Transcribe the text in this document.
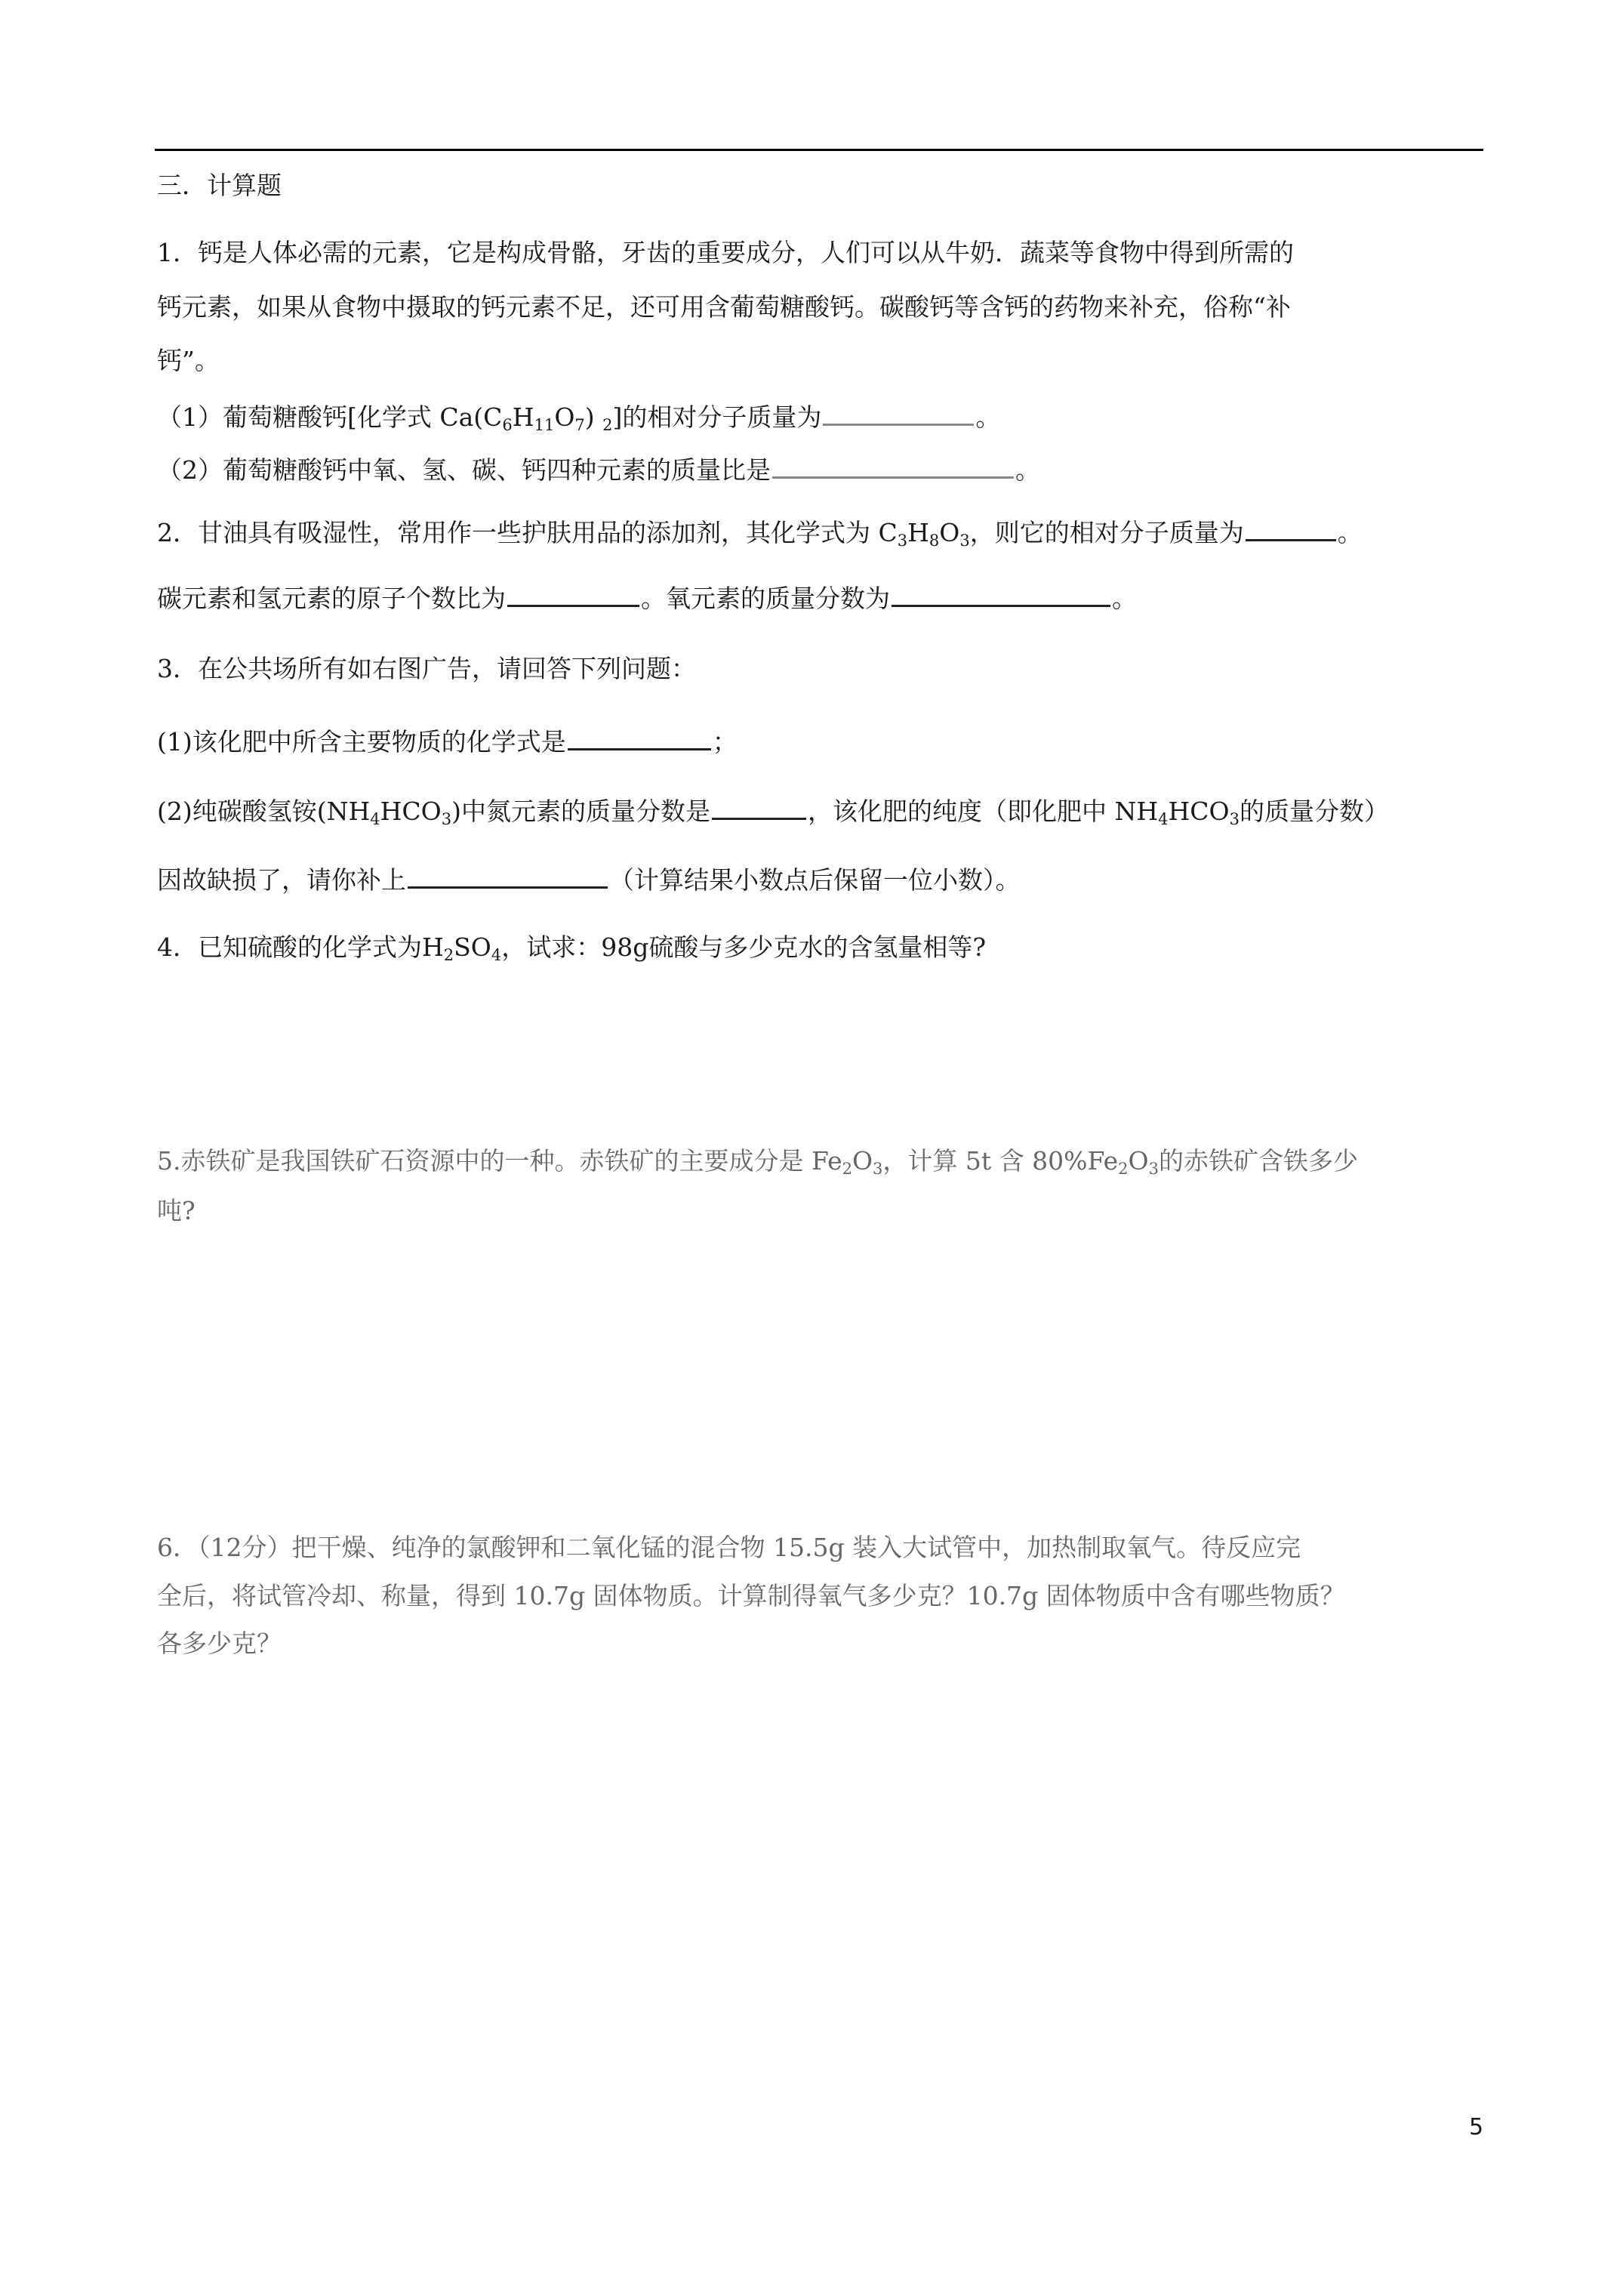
三．计算题
1．钙是人体必需的元素，它是构成骨骼，牙齿的重要成分，人们可以从牛奶．蔬菜等食物中得到所需的
钙元素，如果从食物中摄取的钙元素不足，还可用含葡萄糖酸钙。碳酸钙等含钙的药物来补充，俗称“补
钙”。
（1）葡萄糖酸钙[化学式 $Ca(C_6H_{11}O_7)$ $_2$]的相对分子质量为	。
（2）葡萄糖酸钙中氧、氢、碳、钙四种元素的质量比是	。
2．甘油具有吸湿性，常用作一些护肤用品的添加剂，其化学式为 $C_3H_8O_3$，则它的相对分子质量为	。
碳元素和氢元素的原子个数比为	。氧元素的质量分数为	。
3．在公共场所有如右图广告，请回答下列问题：
(1)该化肥中所含主要物质的化学式是	；
(2)纯碳酸氢铵$(NH_4HCO_3)$中氮元素的质量分数是	，该化肥的纯度（即化肥中 $NH_4HCO_3$的质量分数）
因故缺损了，请你补上	（计算结果小数点后保留一位小数）。
4．已知硫酸的化学式为$H_2SO_4$，试求：98g硫酸与多少克水的含氢量相等?
5.赤铁矿是我国铁矿石资源中的一种。赤铁矿的主要成分是 $Fe_2O_3$，计算 5t 含 $80\%Fe_2O_3$的赤铁矿含铁多少
吨?
6．（12分）把干燥、纯净的氯酸钾和二氧化锰的混合物 15.5g 装入大试管中，加热制取氧气。待反应完
全后，将试管冷却、称量，得到 10.7g 固体物质。计算制得氧气多少克？10.7g 固体物质中含有哪些物质？
各多少克？
5
